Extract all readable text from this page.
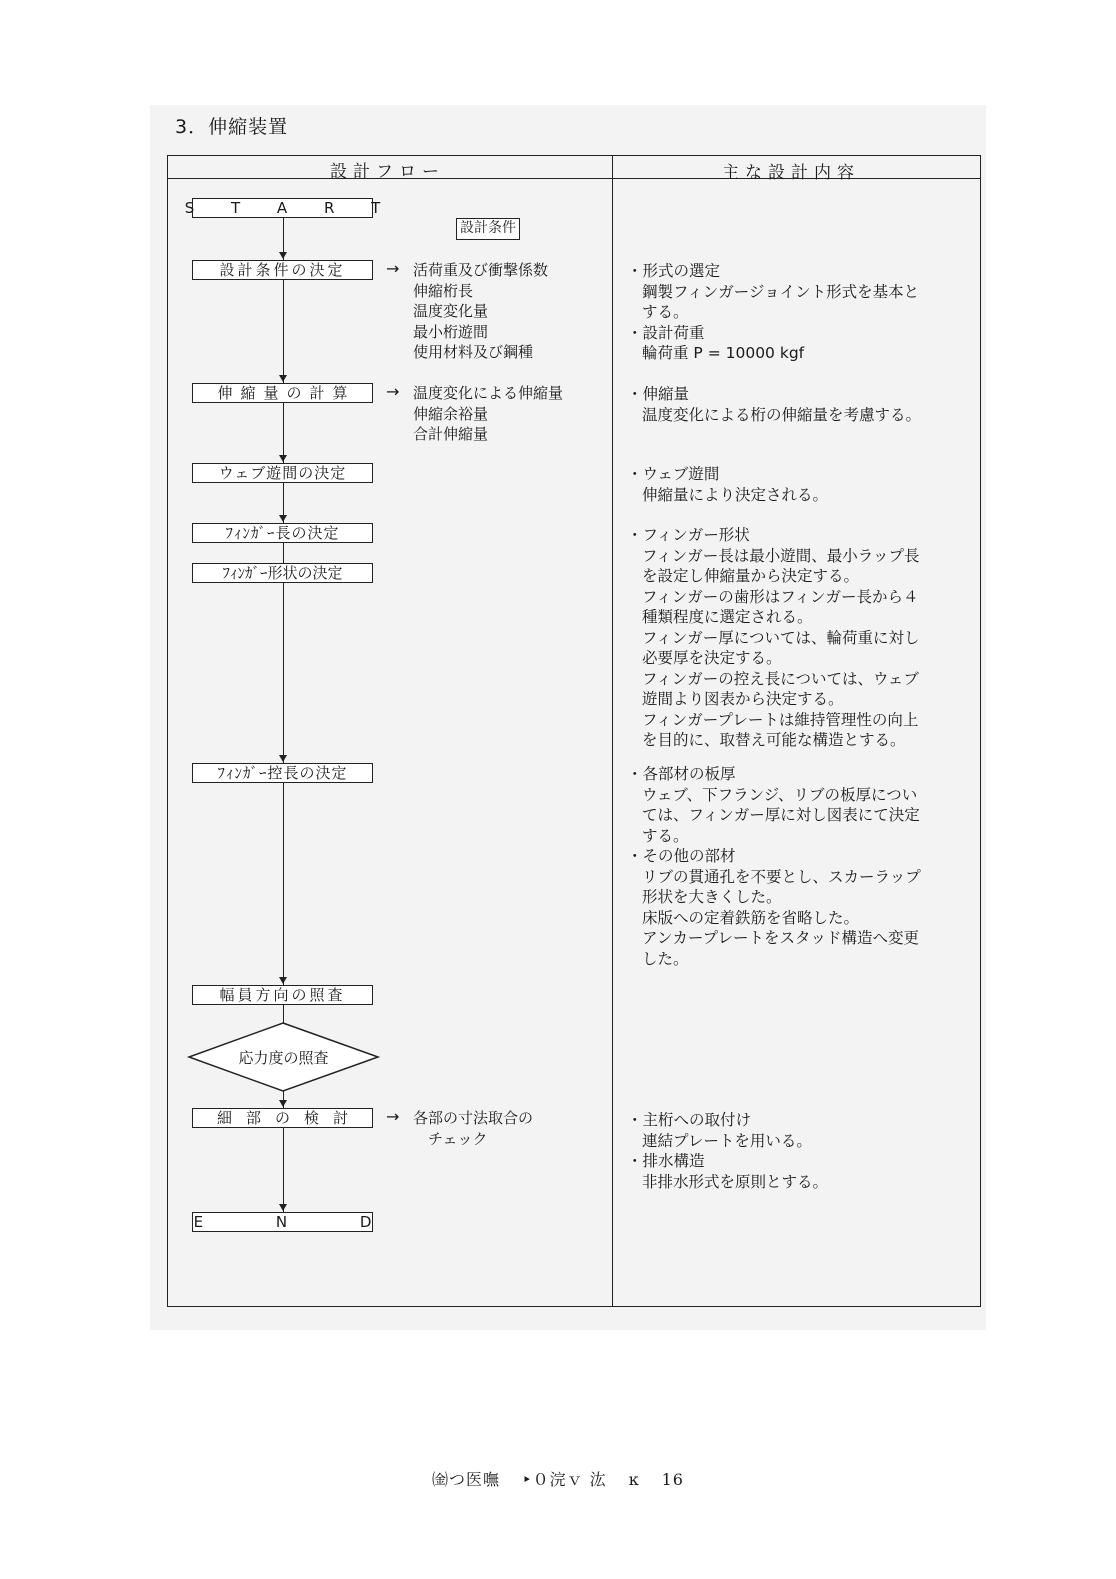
3．伸縮装置
設計フロー	主な設計内容
S T A R T
設計条件
設計条件の決定
伸縮量の計算
ウェブ遊間の決定
ﾌｨﾝｶﾞｰ長の決定
ﾌｨﾝｶﾞｰ形状の決定
ﾌｨﾝｶﾞｰ控長の決定
幅員方向の照査
応力度の照査
細部の検討
E N D
→ 活荷重及び衝撃係数
伸縮桁長
温度変化量
最小桁遊間
使用材料及び鋼種
→ 温度変化による伸縮量
伸縮余裕量
合計伸縮量
→ 各部の寸法取合の
　チェック
・形式の選定
鋼製フィンガージョイント形式を基本と
する。
・設計荷重
輪荷重 P = 10000 kgf
・伸縮量
温度変化による桁の伸縮量を考慮する。
・ウェブ遊間
伸縮量により決定される。
・フィンガー形状
フィンガー長は最小遊間、最小ラップ長
を設定し伸縮量から決定する。
フィンガーの歯形はフィンガー長から４
種類程度に選定される。
フィンガー厚については、輪荷重に対し
必要厚を決定する。
フィンガーの控え長については、ウェブ
遊間より図表から決定する。
フィンガープレートは維持管理性の向上
を目的に、取替え可能な構造とする。
・各部材の板厚
ウェブ、下フランジ、リブの板厚につい
ては、フィンガー厚に対し図表にて決定
する。
・その他の部材
リブの貫通孔を不要とし、スカーラップ
形状を大きくした。
床版への定着鉄筋を省略した。
アンカープレートをスタッド構造へ変更
した。
・主桁への取付け
連結プレートを用いる。
・排水構造
非排水形式を原則とする。
㈮つ医嘸 ‣０浣ｖ 汯 ĸ 16
